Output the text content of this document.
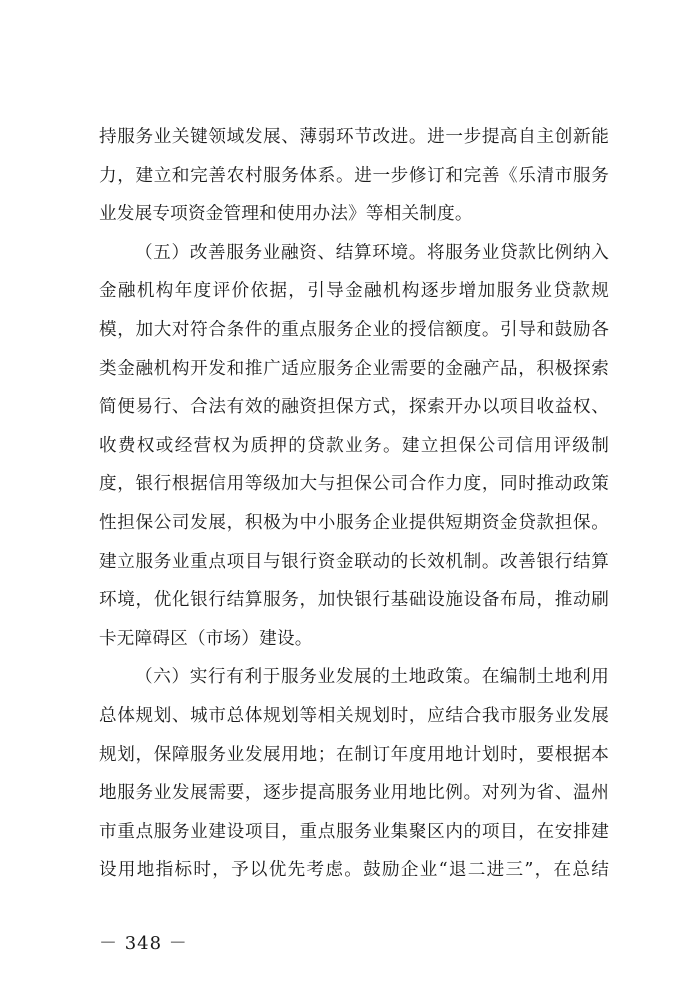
持服务业关键领域发展、薄弱环节改进。进一步提高自主创新能
力，建立和完善农村服务体系。进一步修订和完善《乐清市服务
业发展专项资金管理和使用办法》等相关制度。
（五）改善服务业融资、结算环境。将服务业贷款比例纳入
金融机构年度评价依据，引导金融机构逐步增加服务业贷款规
模，加大对符合条件的重点服务企业的授信额度。引导和鼓励各
类金融机构开发和推广适应服务企业需要的金融产品，积极探索
简便易行、合法有效的融资担保方式，探索开办以项目收益权、
收费权或经营权为质押的贷款业务。建立担保公司信用评级制
度，银行根据信用等级加大与担保公司合作力度，同时推动政策
性担保公司发展，积极为中小服务企业提供短期资金贷款担保。
建立服务业重点项目与银行资金联动的长效机制。改善银行结算
环境，优化银行结算服务，加快银行基础设施设备布局，推动刷
卡无障碍区（市场）建设。
（六）实行有利于服务业发展的土地政策。在编制土地利用
总体规划、城市总体规划等相关规划时，应结合我市服务业发展
规划，保障服务业发展用地；在制订年度用地计划时，要根据本
地服务业发展需要，逐步提高服务业用地比例。对列为省、温州
市重点服务业建设项目，重点服务业集聚区内的项目，在安排建
设用地指标时，予以优先考虑。鼓励企业“退二进三”，在总结
－ 348 －
